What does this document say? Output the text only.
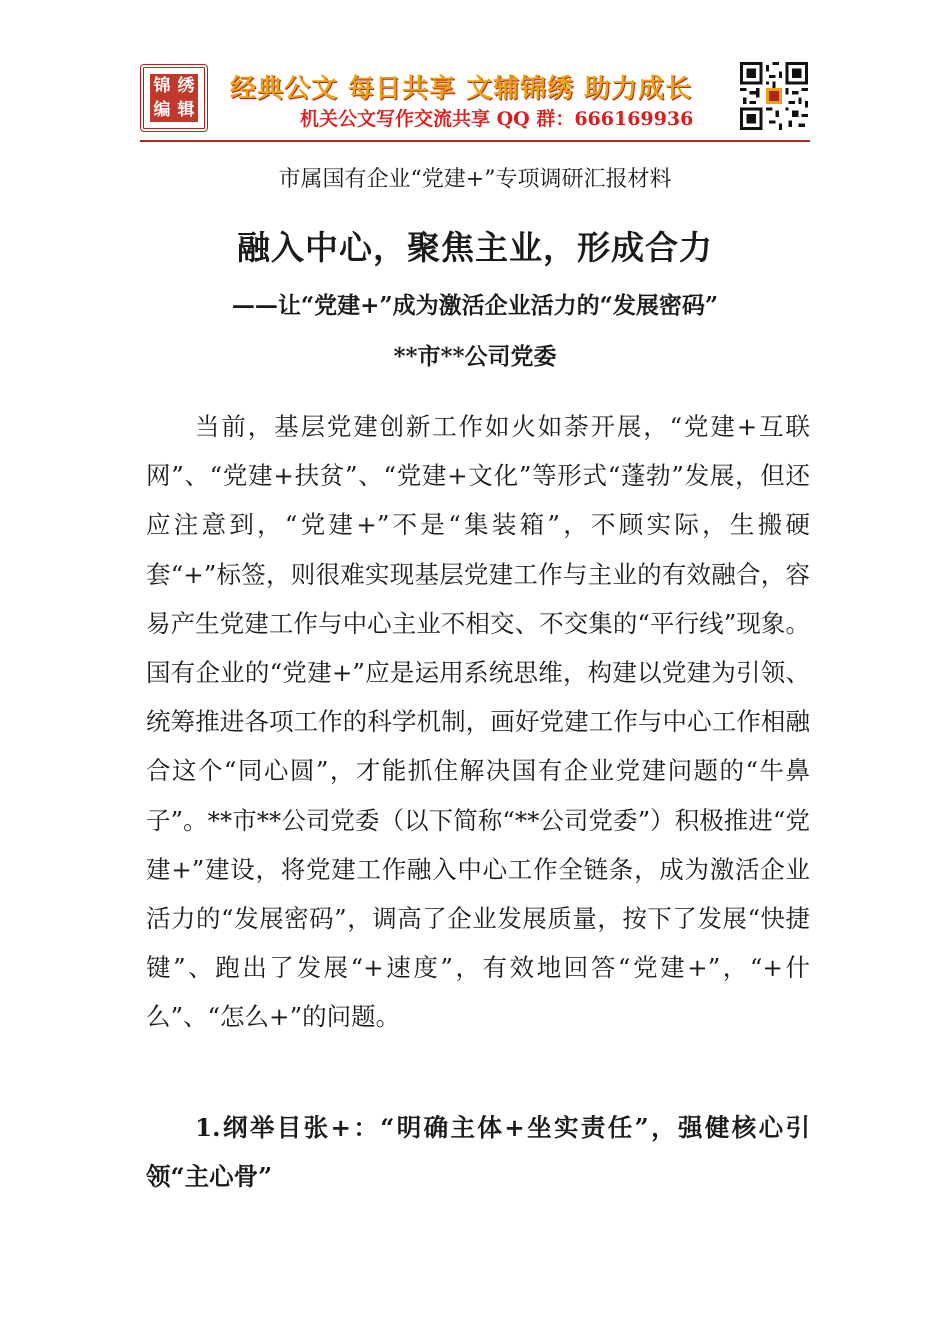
锦 绣
编 辑
经典公文 每日共享 文辅锦绣 助力成长
机关公文写作交流共享 QQ 群：666169936
市属国有企业“党建+”专项调研汇报材料
融入中心，聚焦主业，形成合力
——让“党建+”成为激活企业活力的“发展密码”
**市**公司党委

当前，基层党建创新工作如火如荼开展，“党建+互联网”、“党建+扶贫”、“党建+文化”等形式“蓬勃”发展，但还应注意到，“党建+”不是“集装箱”，不顾实际，生搬硬套“+”标签，则很难实现基层党建工作与主业的有效融合，容易产生党建工作与中心主业不相交、不交集的“平行线”现象。国有企业的“党建+”应是运用系统思维，构建以党建为引领、统筹推进各项工作的科学机制，画好党建工作与中心工作相融合这个“同心圆”，才能抓住解决国有企业党建问题的“牛鼻子”。**市**公司党委（以下简称“**公司党委”）积极推进“党建+”建设，将党建工作融入中心工作全链条，成为激活企业活力的“发展密码”，调高了企业发展质量，按下了发展“快捷键”、跑出了发展“+速度”，有效地回答“党建+”，“+什么”、“怎么+”的问题。

1.纲举目张+：“明确主体+坐实责任”，强健核心引领“主心骨”
